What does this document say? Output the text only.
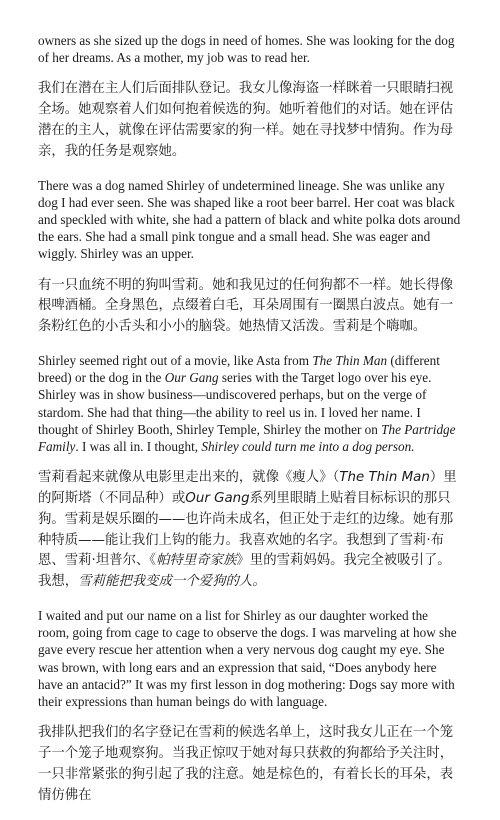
owners as she sized up the dogs in need of homes. She was looking for the dog of her dreams. As a mother, my job was to read her.

我们在潜在主人们后面排队登记。我女儿像海盗一样眯着一只眼睛扫视全场。她观察着人们如何抱着候选的狗。她听着他们的对话。她在评估潜在的主人，就像在评估需要家的狗一样。她在寻找梦中情狗。作为母亲，我的任务是观察她。

There was a dog named Shirley of undetermined lineage. She was unlike any dog I had ever seen. She was shaped like a root beer barrel. Her coat was black and speckled with white, she had a pattern of black and white polka dots around the ears. She had a small pink tongue and a small head. She was eager and wiggly. Shirley was an upper.

有一只血统不明的狗叫雪莉。她和我见过的任何狗都不一样。她长得像根啤酒桶。全身黑色，点缀着白毛，耳朵周围有一圈黑白波点。她有一条粉红色的小舌头和小小的脑袋。她热情又活泼。雪莉是个嗨咖。

Shirley seemed right out of a movie, like Asta from The Thin Man (different breed) or the dog in the Our Gang series with the Target logo over his eye. Shirley was in show business—undiscovered perhaps, but on the verge of stardom. She had that thing—the ability to reel us in. I loved her name. I thought of Shirley Booth, Shirley Temple, Shirley the mother on The Partridge Family. I was all in. I thought, Shirley could turn me into a dog person.

雪莉看起来就像从电影里走出来的，就像《瘦人》（The Thin Man）里的阿斯塔（不同品种）或Our Gang系列里眼睛上贴着目标标识的那只狗。雪莉是娱乐圈的——也许尚未成名，但正处于走红的边缘。她有那种特质——能让我们上钩的能力。我喜欢她的名字。我想到了雪莉·布恩、雪莉·坦普尔、《帕特里奇家族》里的雪莉妈妈。我完全被吸引了。我想，雪莉能把我变成一个爱狗的人。

I waited and put our name on a list for Shirley as our daughter worked the room, going from cage to cage to observe the dogs. I was marveling at how she gave every rescue her attention when a very nervous dog caught my eye. She was brown, with long ears and an expression that said, “Does anybody here have an antacid?” It was my first lesson in dog mothering: Dogs say more with their expressions than human beings do with language.

我排队把我们的名字登记在雪莉的候选名单上，这时我女儿正在一个笼子一个笼子地观察狗。当我正惊叹于她对每只获救的狗都给予关注时，一只非常紧张的狗引起了我的注意。她是棕色的，有着长长的耳朵，表情仿佛在
